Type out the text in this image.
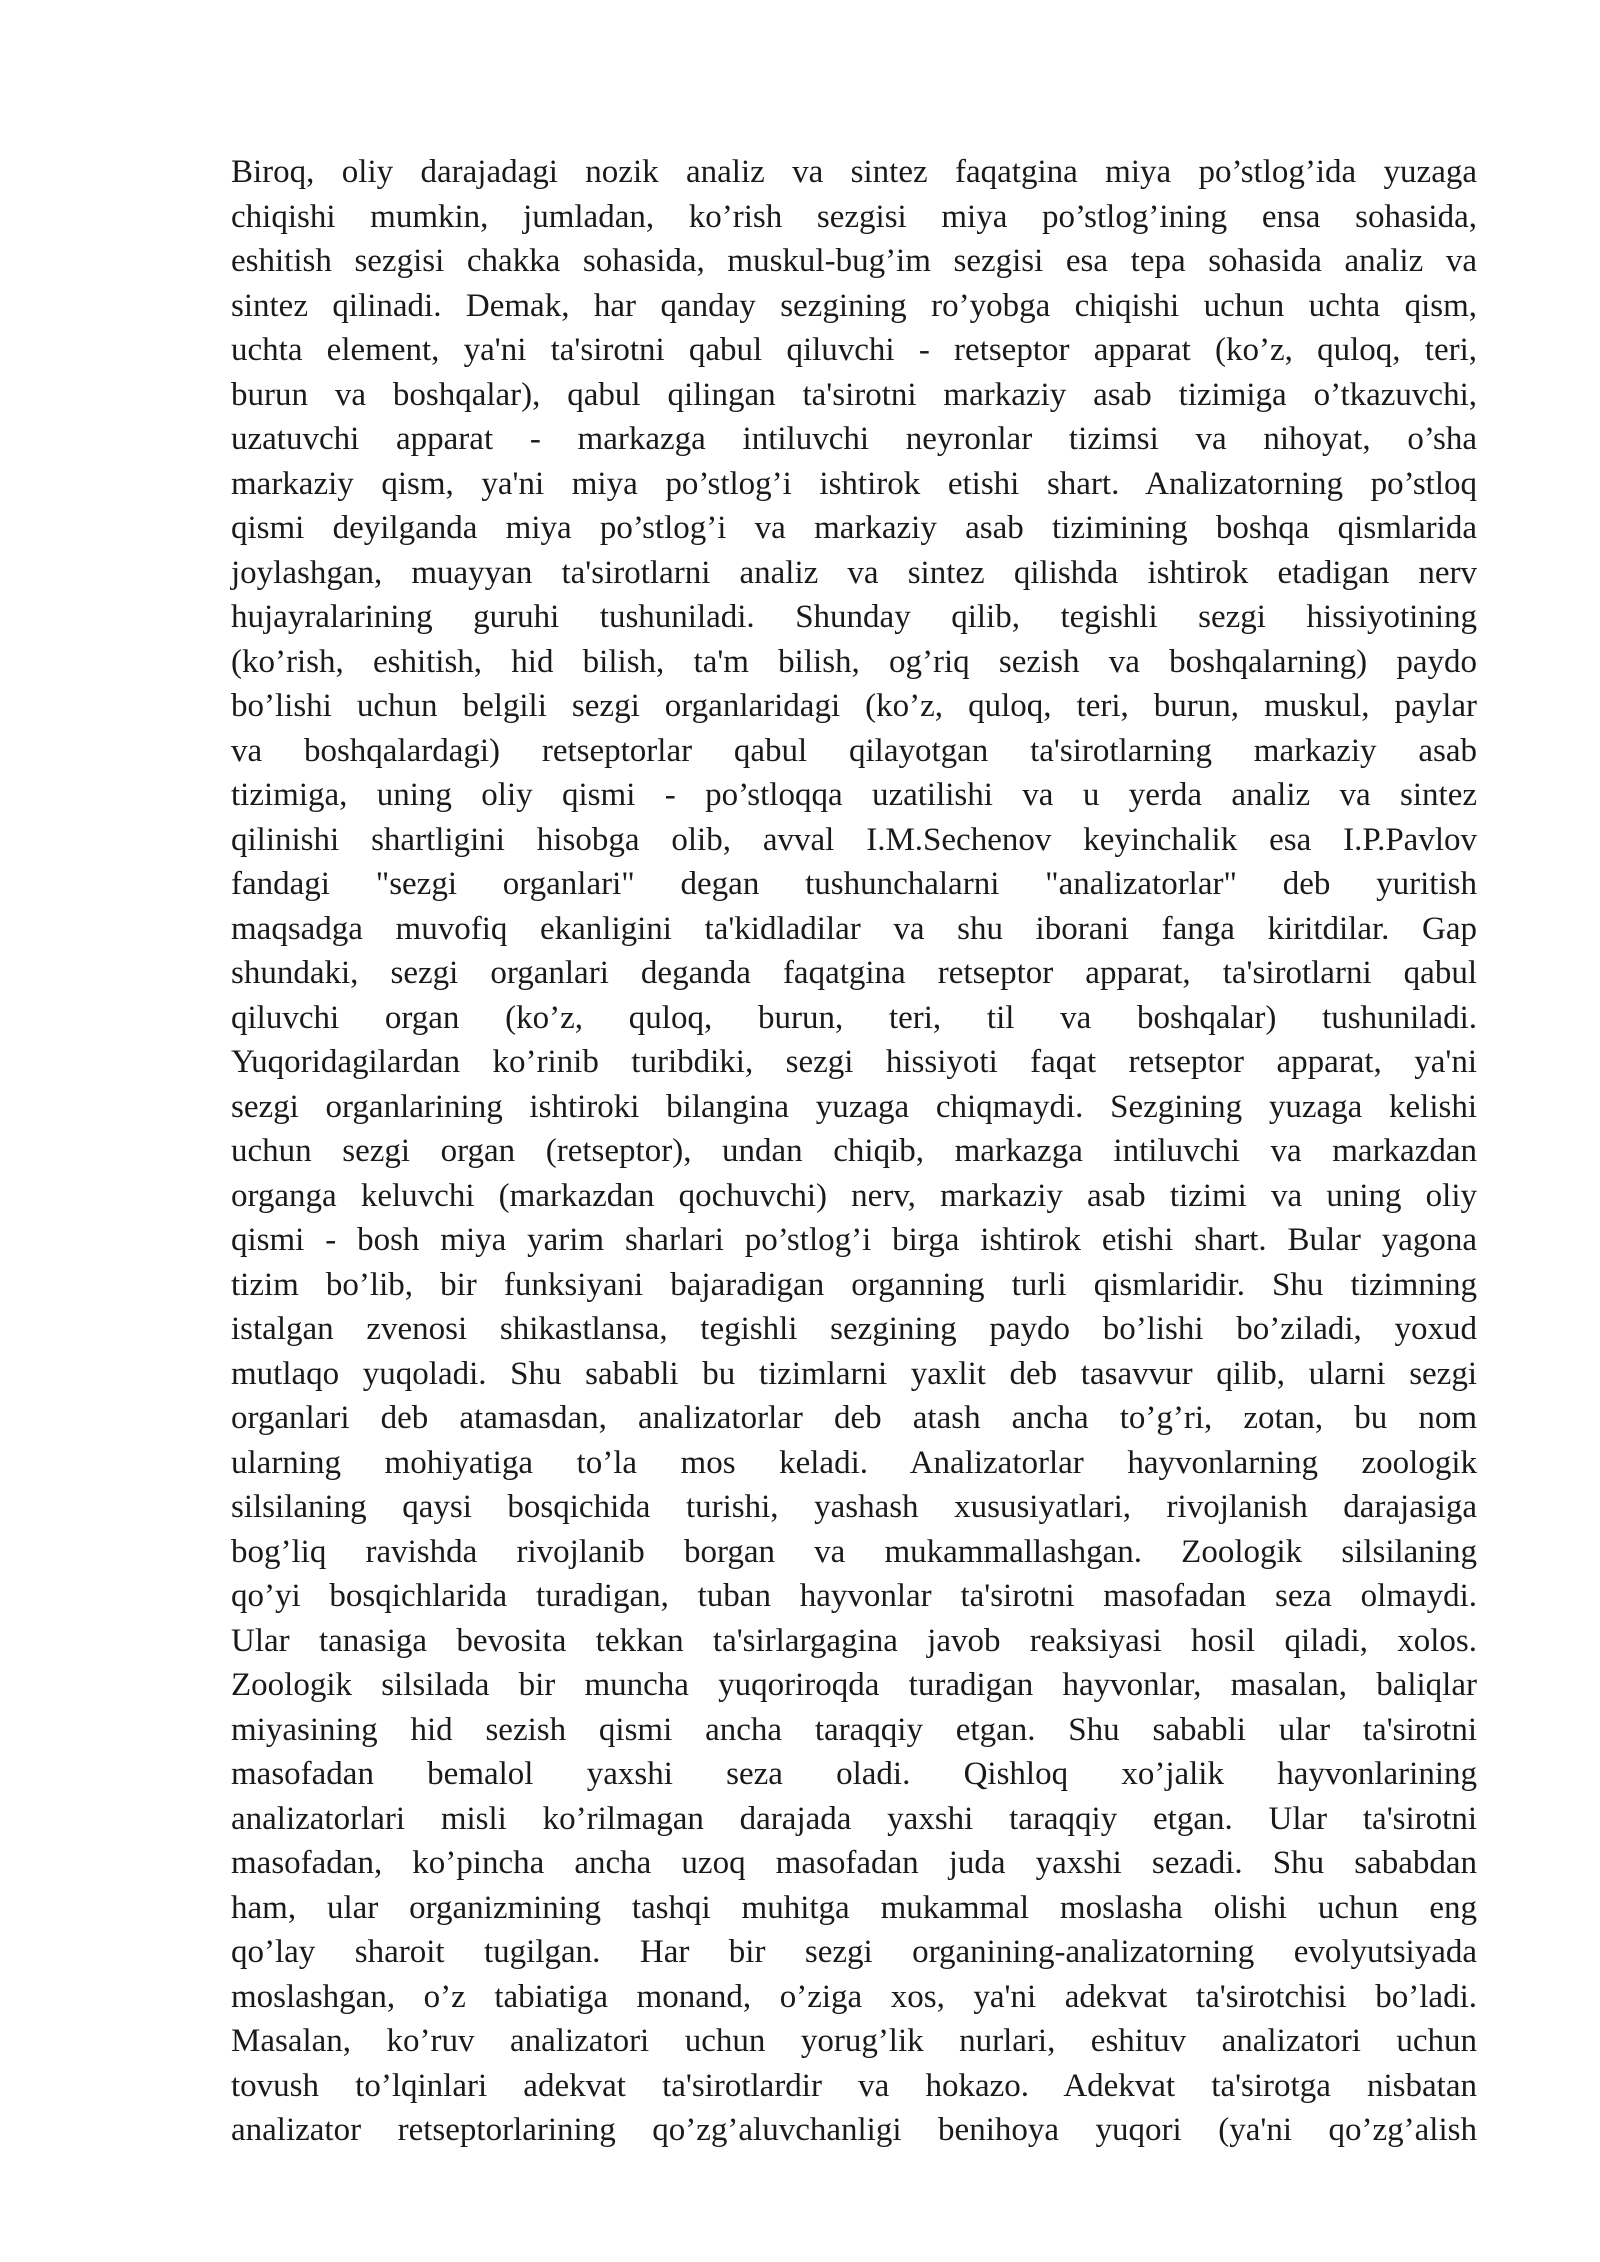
Biroq, oliy darajadagi nozik analiz va sintez faqatgina miya po’stlog’ida yuzaga
chiqishi mumkin, jumladan, ko’rish sezgisi miya po’stlog’ining ensa sohasida,
eshitish sezgisi chakka sohasida, muskul-bug’im sezgisi esa tepa sohasida analiz va
sintez qilinadi. Demak, har qanday sezgining ro’yobga chiqishi uchun uchta qism,
uchta element, ya'ni ta'sirotni qabul qiluvchi - retseptor apparat (ko’z, quloq, teri,
burun va boshqalar), qabul qilingan ta'sirotni markaziy asab tizimiga o’tkazuvchi,
uzatuvchi apparat - markazga intiluvchi neyronlar tizimsi va nihoyat, o’sha
markaziy qism, ya'ni miya po’stlog’i ishtirok etishi shart. Analizatorning po’stloq
qismi deyilganda miya po’stlog’i va markaziy asab tizimining boshqa qismlarida
joylashgan, muayyan ta'sirotlarni analiz va sintez qilishda ishtirok etadigan nerv
hujayralarining guruhi tushuniladi. Shunday qilib, tegishli sezgi hissiyotining
(ko’rish, eshitish, hid bilish, ta'm bilish, og’riq sezish va boshqalarning) paydo
bo’lishi uchun belgili sezgi organlaridagi (ko’z, quloq, teri, burun, muskul, paylar
va boshqalardagi) retseptorlar qabul qilayotgan ta'sirotlarning markaziy asab
tizimiga, uning oliy qismi - po’stloqqa uzatilishi va u yerda analiz va sintez
qilinishi shartligini hisobga olib, avval I.M.Sechenov keyinchalik esa I.P.Pavlov
fandagi "sezgi organlari" degan tushunchalarni "analizatorlar" deb yuritish
maqsadga muvofiq ekanligini ta'kidladilar va shu iborani fanga kiritdilar. Gap
shundaki, sezgi organlari deganda faqatgina retseptor apparat, ta'sirotlarni qabul
qiluvchi organ (ko’z, quloq, burun, teri, til va boshqalar) tushuniladi.
Yuqoridagilardan ko’rinib turibdiki, sezgi hissiyoti faqat retseptor apparat, ya'ni
sezgi organlarining ishtiroki bilangina yuzaga chiqmaydi. Sezgining yuzaga kelishi
uchun sezgi organ (retseptor), undan chiqib, markazga intiluvchi va markazdan
organga keluvchi (markazdan qochuvchi) nerv, markaziy asab tizimi va uning oliy
qismi - bosh miya yarim sharlari po’stlog’i birga ishtirok etishi shart. Bular yagona
tizim bo’lib, bir funksiyani bajaradigan organning turli qismlaridir. Shu tizimning
istalgan zvenosi shikastlansa, tegishli sezgining paydo bo’lishi bo’ziladi, yoxud
mutlaqo yuqoladi. Shu sababli bu tizimlarni yaxlit deb tasavvur qilib, ularni sezgi
organlari deb atamasdan, analizatorlar deb atash ancha to’g’ri, zotan, bu nom
ularning mohiyatiga to’la mos keladi. Analizatorlar hayvonlarning zoologik
silsilaning qaysi bosqichida turishi, yashash xususiyatlari, rivojlanish darajasiga
bog’liq ravishda rivojlanib borgan va mukammallashgan. Zoologik silsilaning
qo’yi bosqichlarida turadigan, tuban hayvonlar ta'sirotni masofadan seza olmaydi.
Ular tanasiga bevosita tekkan ta'sirlargagina javob reaksiyasi hosil qiladi, xolos.
Zoologik silsilada bir muncha yuqoriroqda turadigan hayvonlar, masalan, baliqlar
miyasining hid sezish qismi ancha taraqqiy etgan. Shu sababli ular ta'sirotni
masofadan bemalol yaxshi seza oladi. Qishloq xo’jalik hayvonlarining
analizatorlari misli ko’rilmagan darajada yaxshi taraqqiy etgan. Ular ta'sirotni
masofadan, ko’pincha ancha uzoq masofadan juda yaxshi sezadi. Shu sababdan
ham, ular organizmining tashqi muhitga mukammal moslasha olishi uchun eng
qo’lay sharoit tugilgan. Har bir sezgi organining-analizatorning evolyutsiyada
moslashgan, o’z tabiatiga monand, o’ziga xos, ya'ni adekvat ta'sirotchisi bo’ladi.
Masalan, ko’ruv analizatori uchun yorug’lik nurlari, eshituv analizatori uchun
tovush to’lqinlari adekvat ta'sirotlardir va hokazo. Adekvat ta'sirotga nisbatan
analizator retseptorlarining qo’zg’aluvchanligi benihoya yuqori (ya'ni qo’zg’alish
